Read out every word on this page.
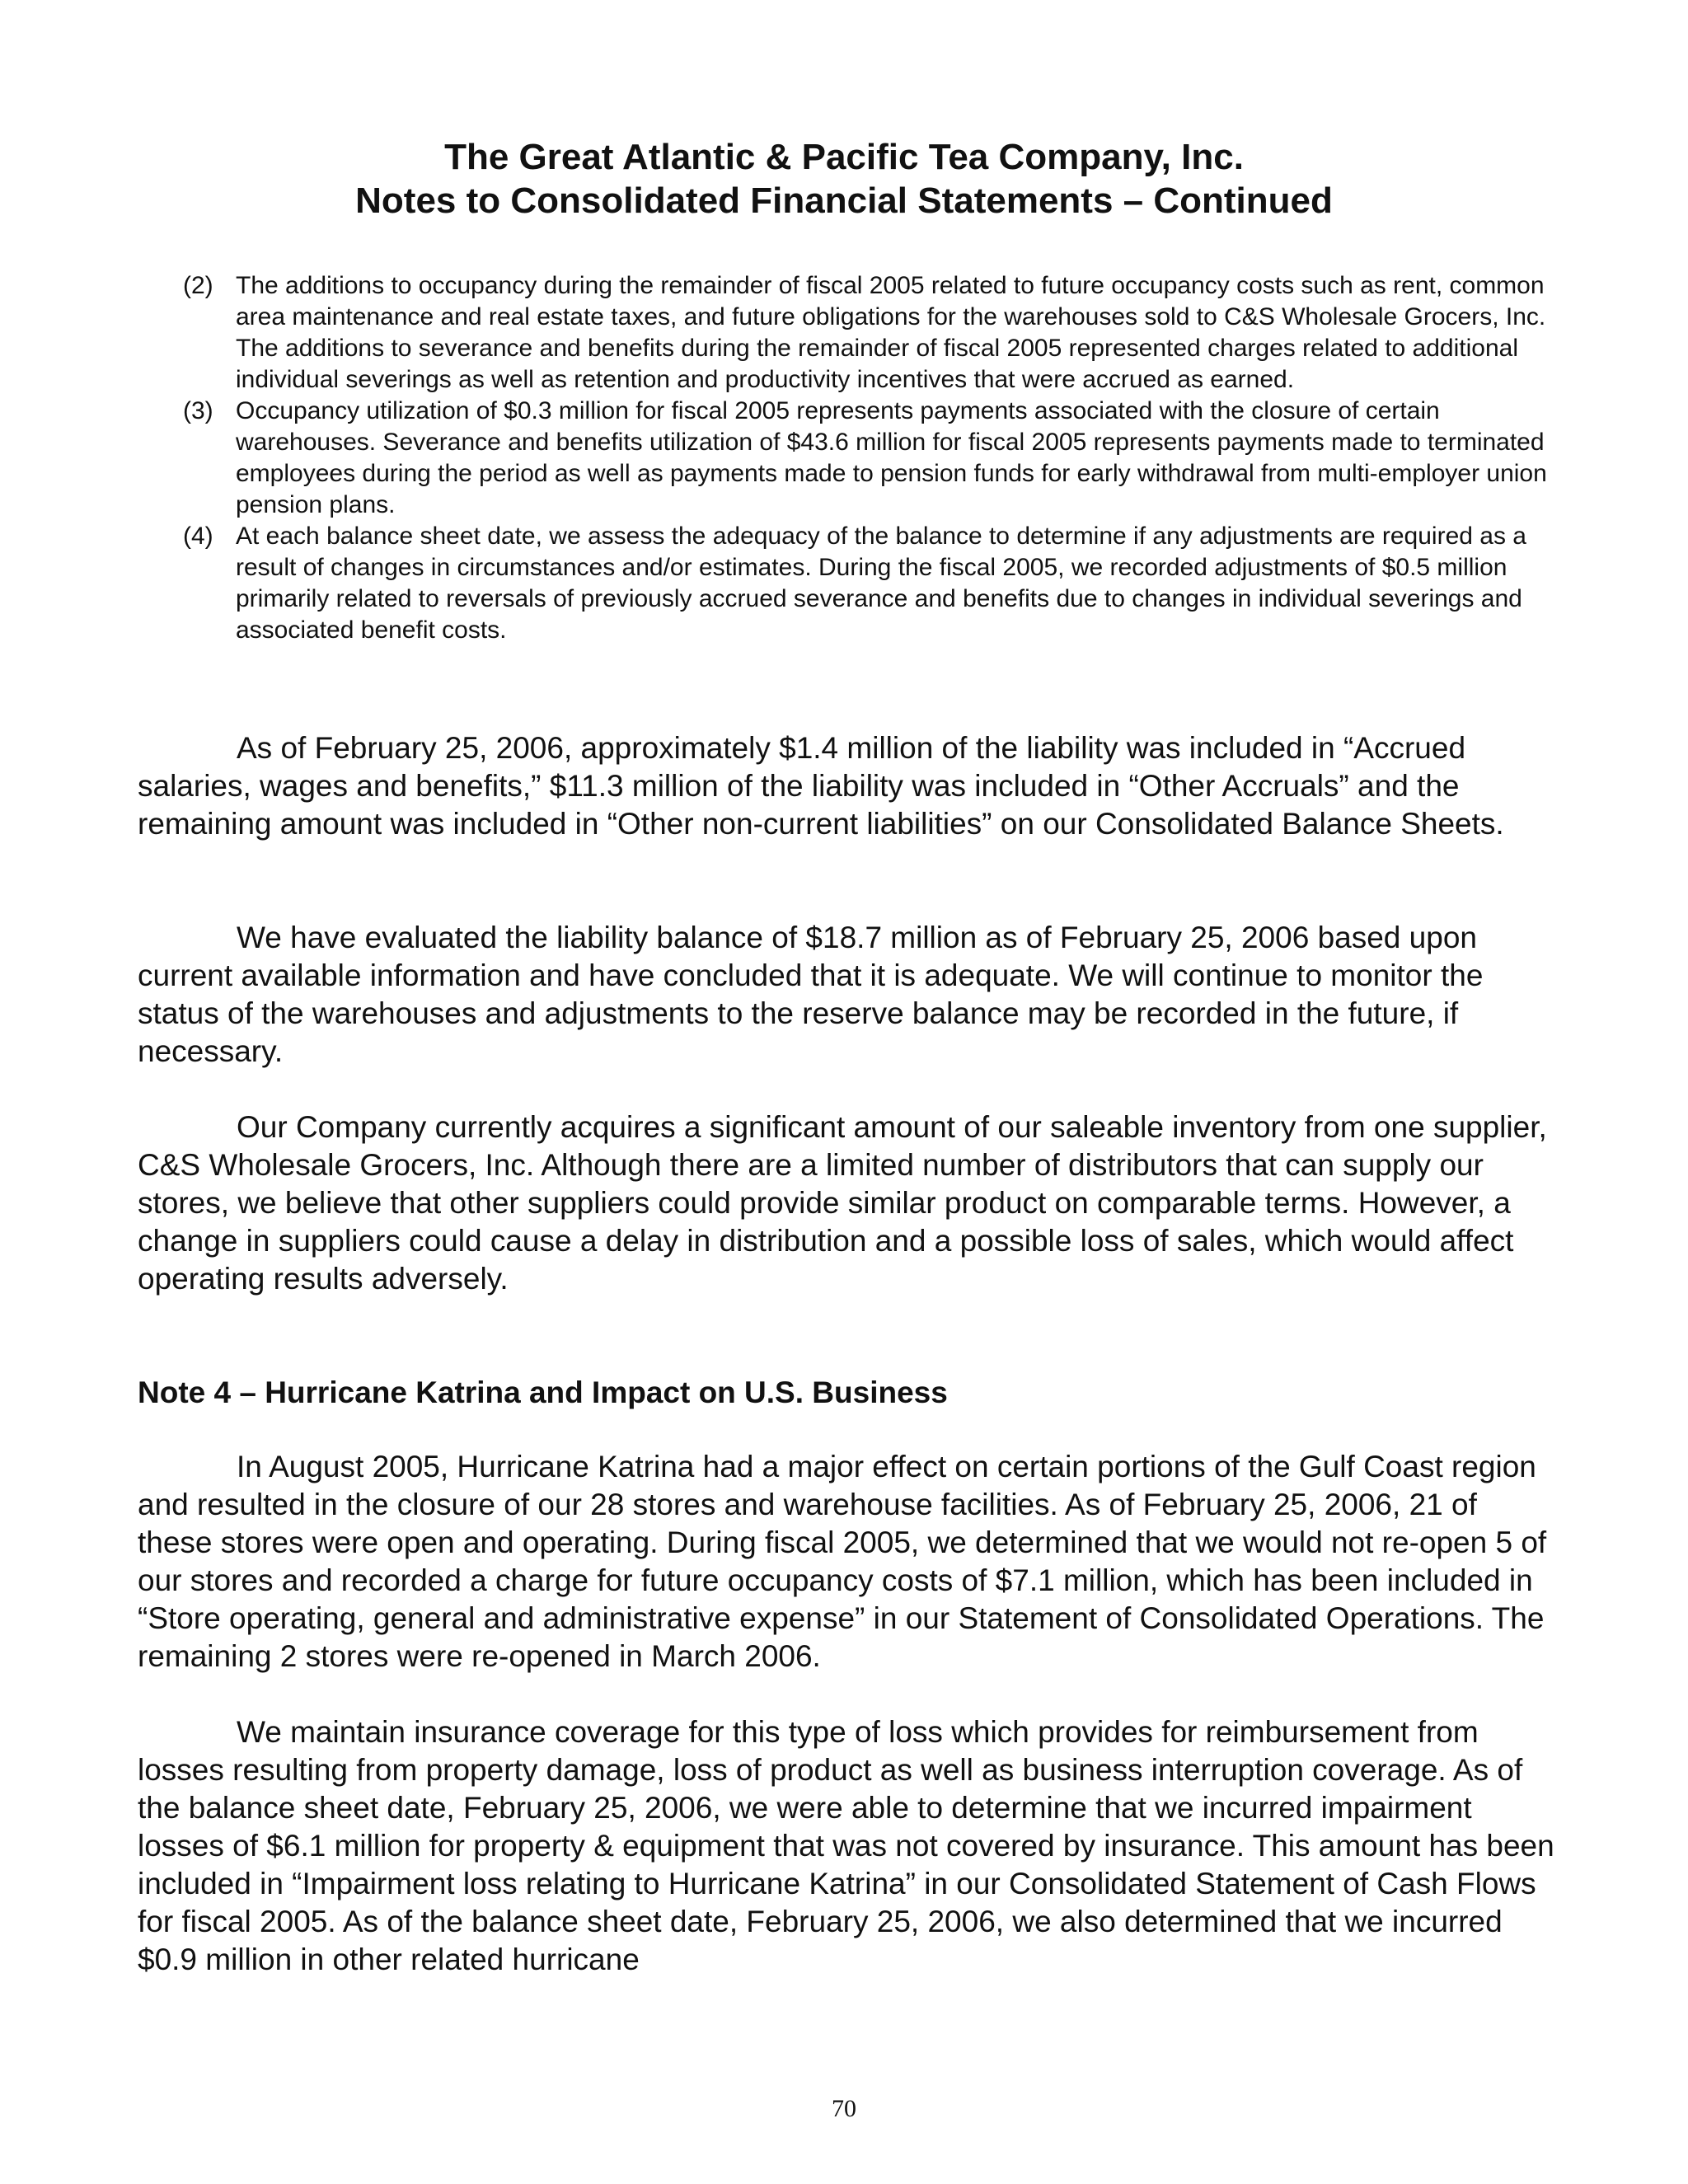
The Great Atlantic & Pacific Tea Company, Inc.
Notes to Consolidated Financial Statements – Continued
(2) The additions to occupancy during the remainder of fiscal 2005 related to future occupancy costs such as rent, common area maintenance and real estate taxes, and future obligations for the warehouses sold to C&S Wholesale Grocers, Inc. The additions to severance and benefits during the remainder of fiscal 2005 represented charges related to additional individual severings as well as retention and productivity incentives that were accrued as earned.
(3) Occupancy utilization of $0.3 million for fiscal 2005 represents payments associated with the closure of certain warehouses. Severance and benefits utilization of $43.6 million for fiscal 2005 represents payments made to terminated employees during the period as well as payments made to pension funds for early withdrawal from multi-employer union pension plans.
(4) At each balance sheet date, we assess the adequacy of the balance to determine if any adjustments are required as a result of changes in circumstances and/or estimates. During the fiscal 2005, we recorded adjustments of $0.5 million primarily related to reversals of previously accrued severance and benefits due to changes in individual severings and associated benefit costs.

As of February 25, 2006, approximately $1.4 million of the liability was included in “Accrued salaries, wages and benefits,” $11.3 million of the liability was included in “Other Accruals” and the remaining amount was included in “Other non-current liabilities” on our Consolidated Balance Sheets.

We have evaluated the liability balance of $18.7 million as of February 25, 2006 based upon current available information and have concluded that it is adequate. We will continue to monitor the status of the warehouses and adjustments to the reserve balance may be recorded in the future, if necessary.

Our Company currently acquires a significant amount of our saleable inventory from one supplier, C&S Wholesale Grocers, Inc. Although there are a limited number of distributors that can supply our stores, we believe that other suppliers could provide similar product on comparable terms. However, a change in suppliers could cause a delay in distribution and a possible loss of sales, which would affect operating results adversely.

Note 4 – Hurricane Katrina and Impact on U.S. Business

In August 2005, Hurricane Katrina had a major effect on certain portions of the Gulf Coast region and resulted in the closure of our 28 stores and warehouse facilities. As of February 25, 2006, 21 of these stores were open and operating. During fiscal 2005, we determined that we would not re-open 5 of our stores and recorded a charge for future occupancy costs of $7.1 million, which has been included in “Store operating, general and administrative expense” in our Statement of Consolidated Operations. The remaining 2 stores were re-opened in March 2006.

We maintain insurance coverage for this type of loss which provides for reimbursement from losses resulting from property damage, loss of product as well as business interruption coverage. As of the balance sheet date, February 25, 2006, we were able to determine that we incurred impairment losses of $6.1 million for property & equipment that was not covered by insurance. This amount has been included in “Impairment loss relating to Hurricane Katrina” in our Consolidated Statement of Cash Flows for fiscal 2005. As of the balance sheet date, February 25, 2006, we also determined that we incurred $0.9 million in other related hurricane

70
